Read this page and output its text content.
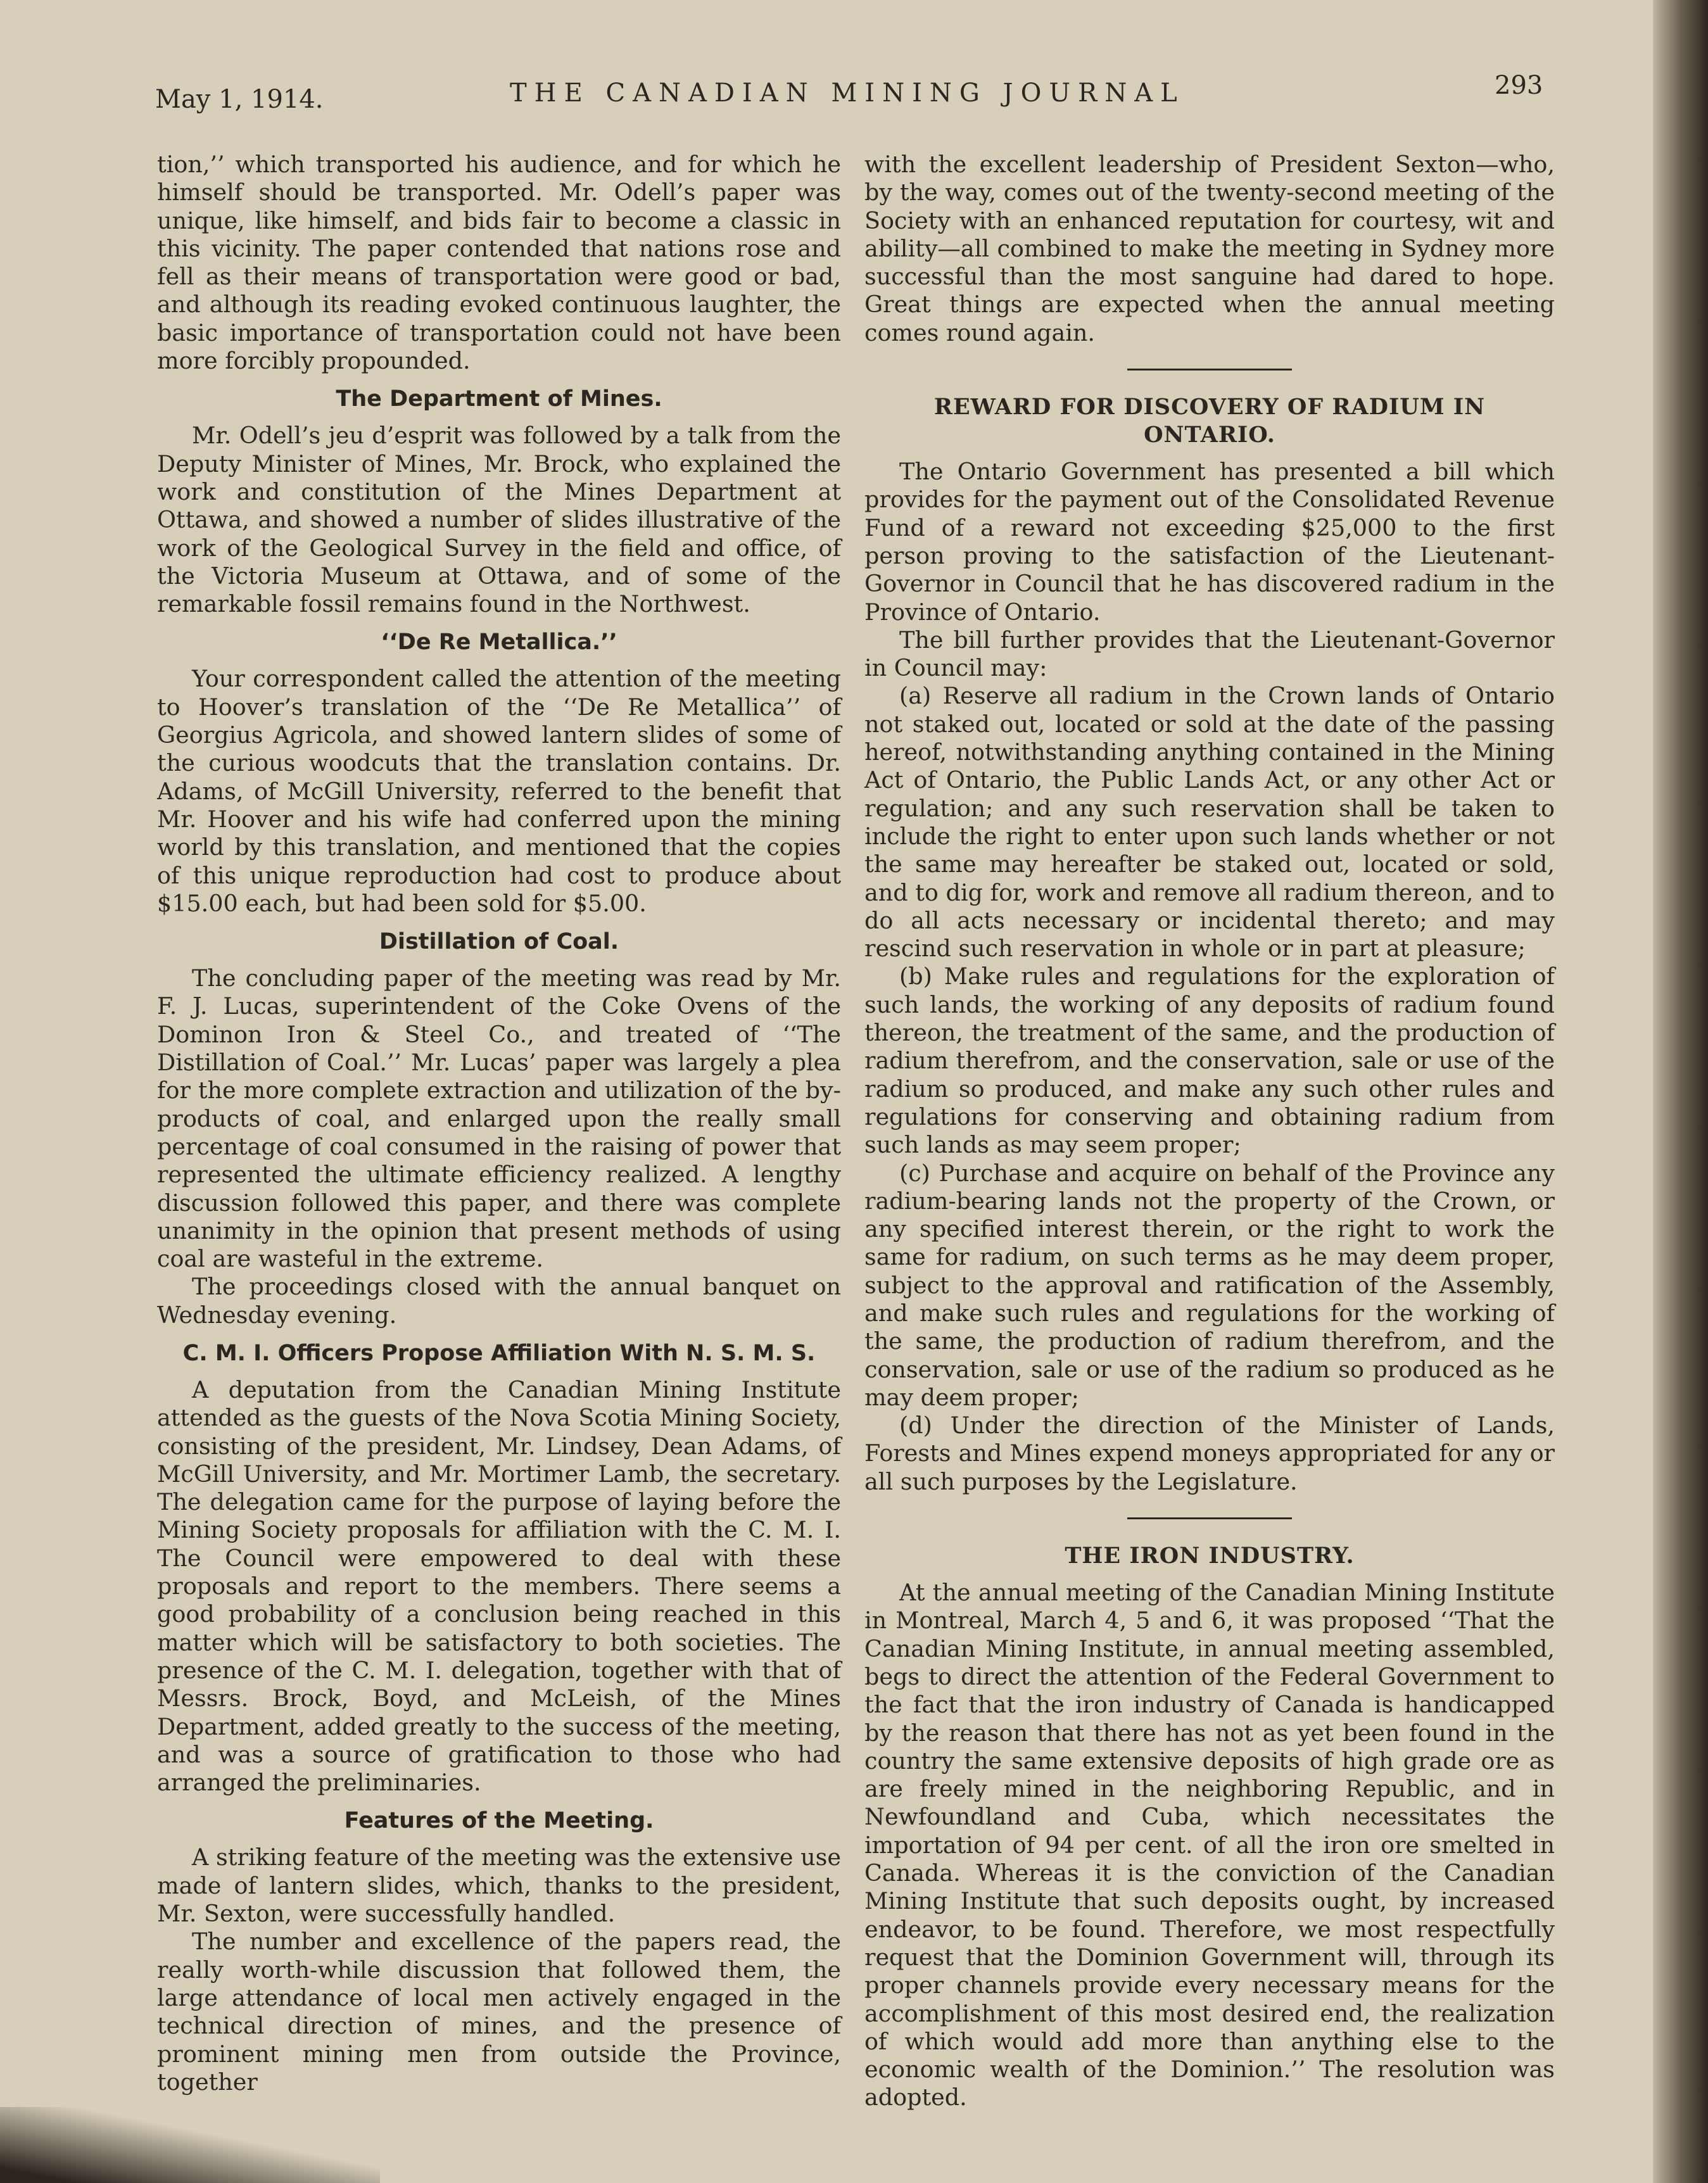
May 1, 1914.	THE CANADIAN MINING JOURNAL	293

tion,’’ which transported his audience, and for which he himself should be transported. Mr. Odell’s paper was unique, like himself, and bids fair to become a classic in this vicinity. The paper contended that nations rose and fell as their means of transportation were good or bad, and although its reading evoked continuous laughter, the basic importance of transportation could not have been more forcibly propounded.

The Department of Mines.

Mr. Odell’s jeu d’esprit was followed by a talk from the Deputy Minister of Mines, Mr. Brock, who explained the work and constitution of the Mines Department at Ottawa, and showed a number of slides illustrative of the work of the Geological Survey in the field and office, of the Victoria Museum at Ottawa, and of some of the remarkable fossil remains found in the Northwest.

‘‘De Re Metallica.’’

Your correspondent called the attention of the meeting to Hoover’s translation of the ‘‘De Re Metallica’’ of Georgius Agricola, and showed lantern slides of some of the curious woodcuts that the translation contains. Dr. Adams, of McGill University, referred to the benefit that Mr. Hoover and his wife had conferred upon the mining world by this translation, and mentioned that the copies of this unique reproduction had cost to produce about $15.00 each, but had been sold for $5.00.

Distillation of Coal.

The concluding paper of the meeting was read by Mr. F. J. Lucas, superintendent of the Coke Ovens of the Dominon Iron & Steel Co., and treated of ‘‘The Distillation of Coal.’’ Mr. Lucas’ paper was largely a plea for the more complete extraction and utilization of the by-products of coal, and enlarged upon the really small percentage of coal consumed in the raising of power that represented the ultimate efficiency realized. A lengthy discussion followed this paper, and there was complete unanimity in the opinion that present methods of using coal are wasteful in the extreme.

The proceedings closed with the annual banquet on Wednesday evening.

C. M. I. Officers Propose Affiliation With N. S. M. S.

A deputation from the Canadian Mining Institute attended as the guests of the Nova Scotia Mining Society, consisting of the president, Mr. Lindsey, Dean Adams, of McGill University, and Mr. Mortimer Lamb, the secretary. The delegation came for the purpose of laying before the Mining Society proposals for affiliation with the C. M. I. The Council were empowered to deal with these proposals and report to the members. There seems a good probability of a conclusion being reached in this matter which will be satisfactory to both societies. The presence of the C. M. I. delegation, together with that of Messrs. Brock, Boyd, and McLeish, of the Mines Department, added greatly to the success of the meeting, and was a source of gratification to those who had arranged the preliminaries.

Features of the Meeting.

A striking feature of the meeting was the extensive use made of lantern slides, which, thanks to the president, Mr. Sexton, were successfully handled.

The number and excellence of the papers read, the really worth-while discussion that followed them, the large attendance of local men actively engaged in the technical direction of mines, and the presence of prominent mining men from outside the Province, together

with the excellent leadership of President Sexton—who, by the way, comes out of the twenty-second meeting of the Society with an enhanced reputation for courtesy, wit and ability—all combined to make the meeting in Sydney more successful than the most sanguine had dared to hope. Great things are expected when the annual meeting comes round again.

REWARD FOR DISCOVERY OF RADIUM IN ONTARIO.

The Ontario Government has presented a bill which provides for the payment out of the Consolidated Revenue Fund of a reward not exceeding $25,000 to the first person proving to the satisfaction of the Lieutenant-Governor in Council that he has discovered radium in the Province of Ontario.

The bill further provides that the Lieutenant-Governor in Council may:

(a) Reserve all radium in the Crown lands of Ontario not staked out, located or sold at the date of the passing hereof, notwithstanding anything contained in the Mining Act of Ontario, the Public Lands Act, or any other Act or regulation; and any such reservation shall be taken to include the right to enter upon such lands whether or not the same may hereafter be staked out, located or sold, and to dig for, work and remove all radium thereon, and to do all acts necessary or incidental thereto; and may rescind such reservation in whole or in part at pleasure;

(b) Make rules and regulations for the exploration of such lands, the working of any deposits of radium found thereon, the treatment of the same, and the production of radium therefrom, and the conservation, sale or use of the radium so produced, and make any such other rules and regulations for conserving and obtaining radium from such lands as may seem proper;

(c) Purchase and acquire on behalf of the Province any radium-bearing lands not the property of the Crown, or any specified interest therein, or the right to work the same for radium, on such terms as he may deem proper, subject to the approval and ratification of the Assembly, and make such rules and regulations for the working of the same, the production of radium therefrom, and the conservation, sale or use of the radium so produced as he may deem proper;

(d) Under the direction of the Minister of Lands, Forests and Mines expend moneys appropriated for any or all such purposes by the Legislature.

THE IRON INDUSTRY.

At the annual meeting of the Canadian Mining Institute in Montreal, March 4, 5 and 6, it was proposed ‘‘That the Canadian Mining Institute, in annual meeting assembled, begs to direct the attention of the Federal Government to the fact that the iron industry of Canada is handicapped by the reason that there has not as yet been found in the country the same extensive deposits of high grade ore as are freely mined in the neighboring Republic, and in Newfoundland and Cuba, which necessitates the importation of 94 per cent. of all the iron ore smelted in Canada. Whereas it is the conviction of the Canadian Mining Institute that such deposits ought, by increased endeavor, to be found. Therefore, we most respectfully request that the Dominion Government will, through its proper channels provide every necessary means for the accomplishment of this most desired end, the realization of which would add more than anything else to the economic wealth of the Dominion.’’ The resolution was adopted.
